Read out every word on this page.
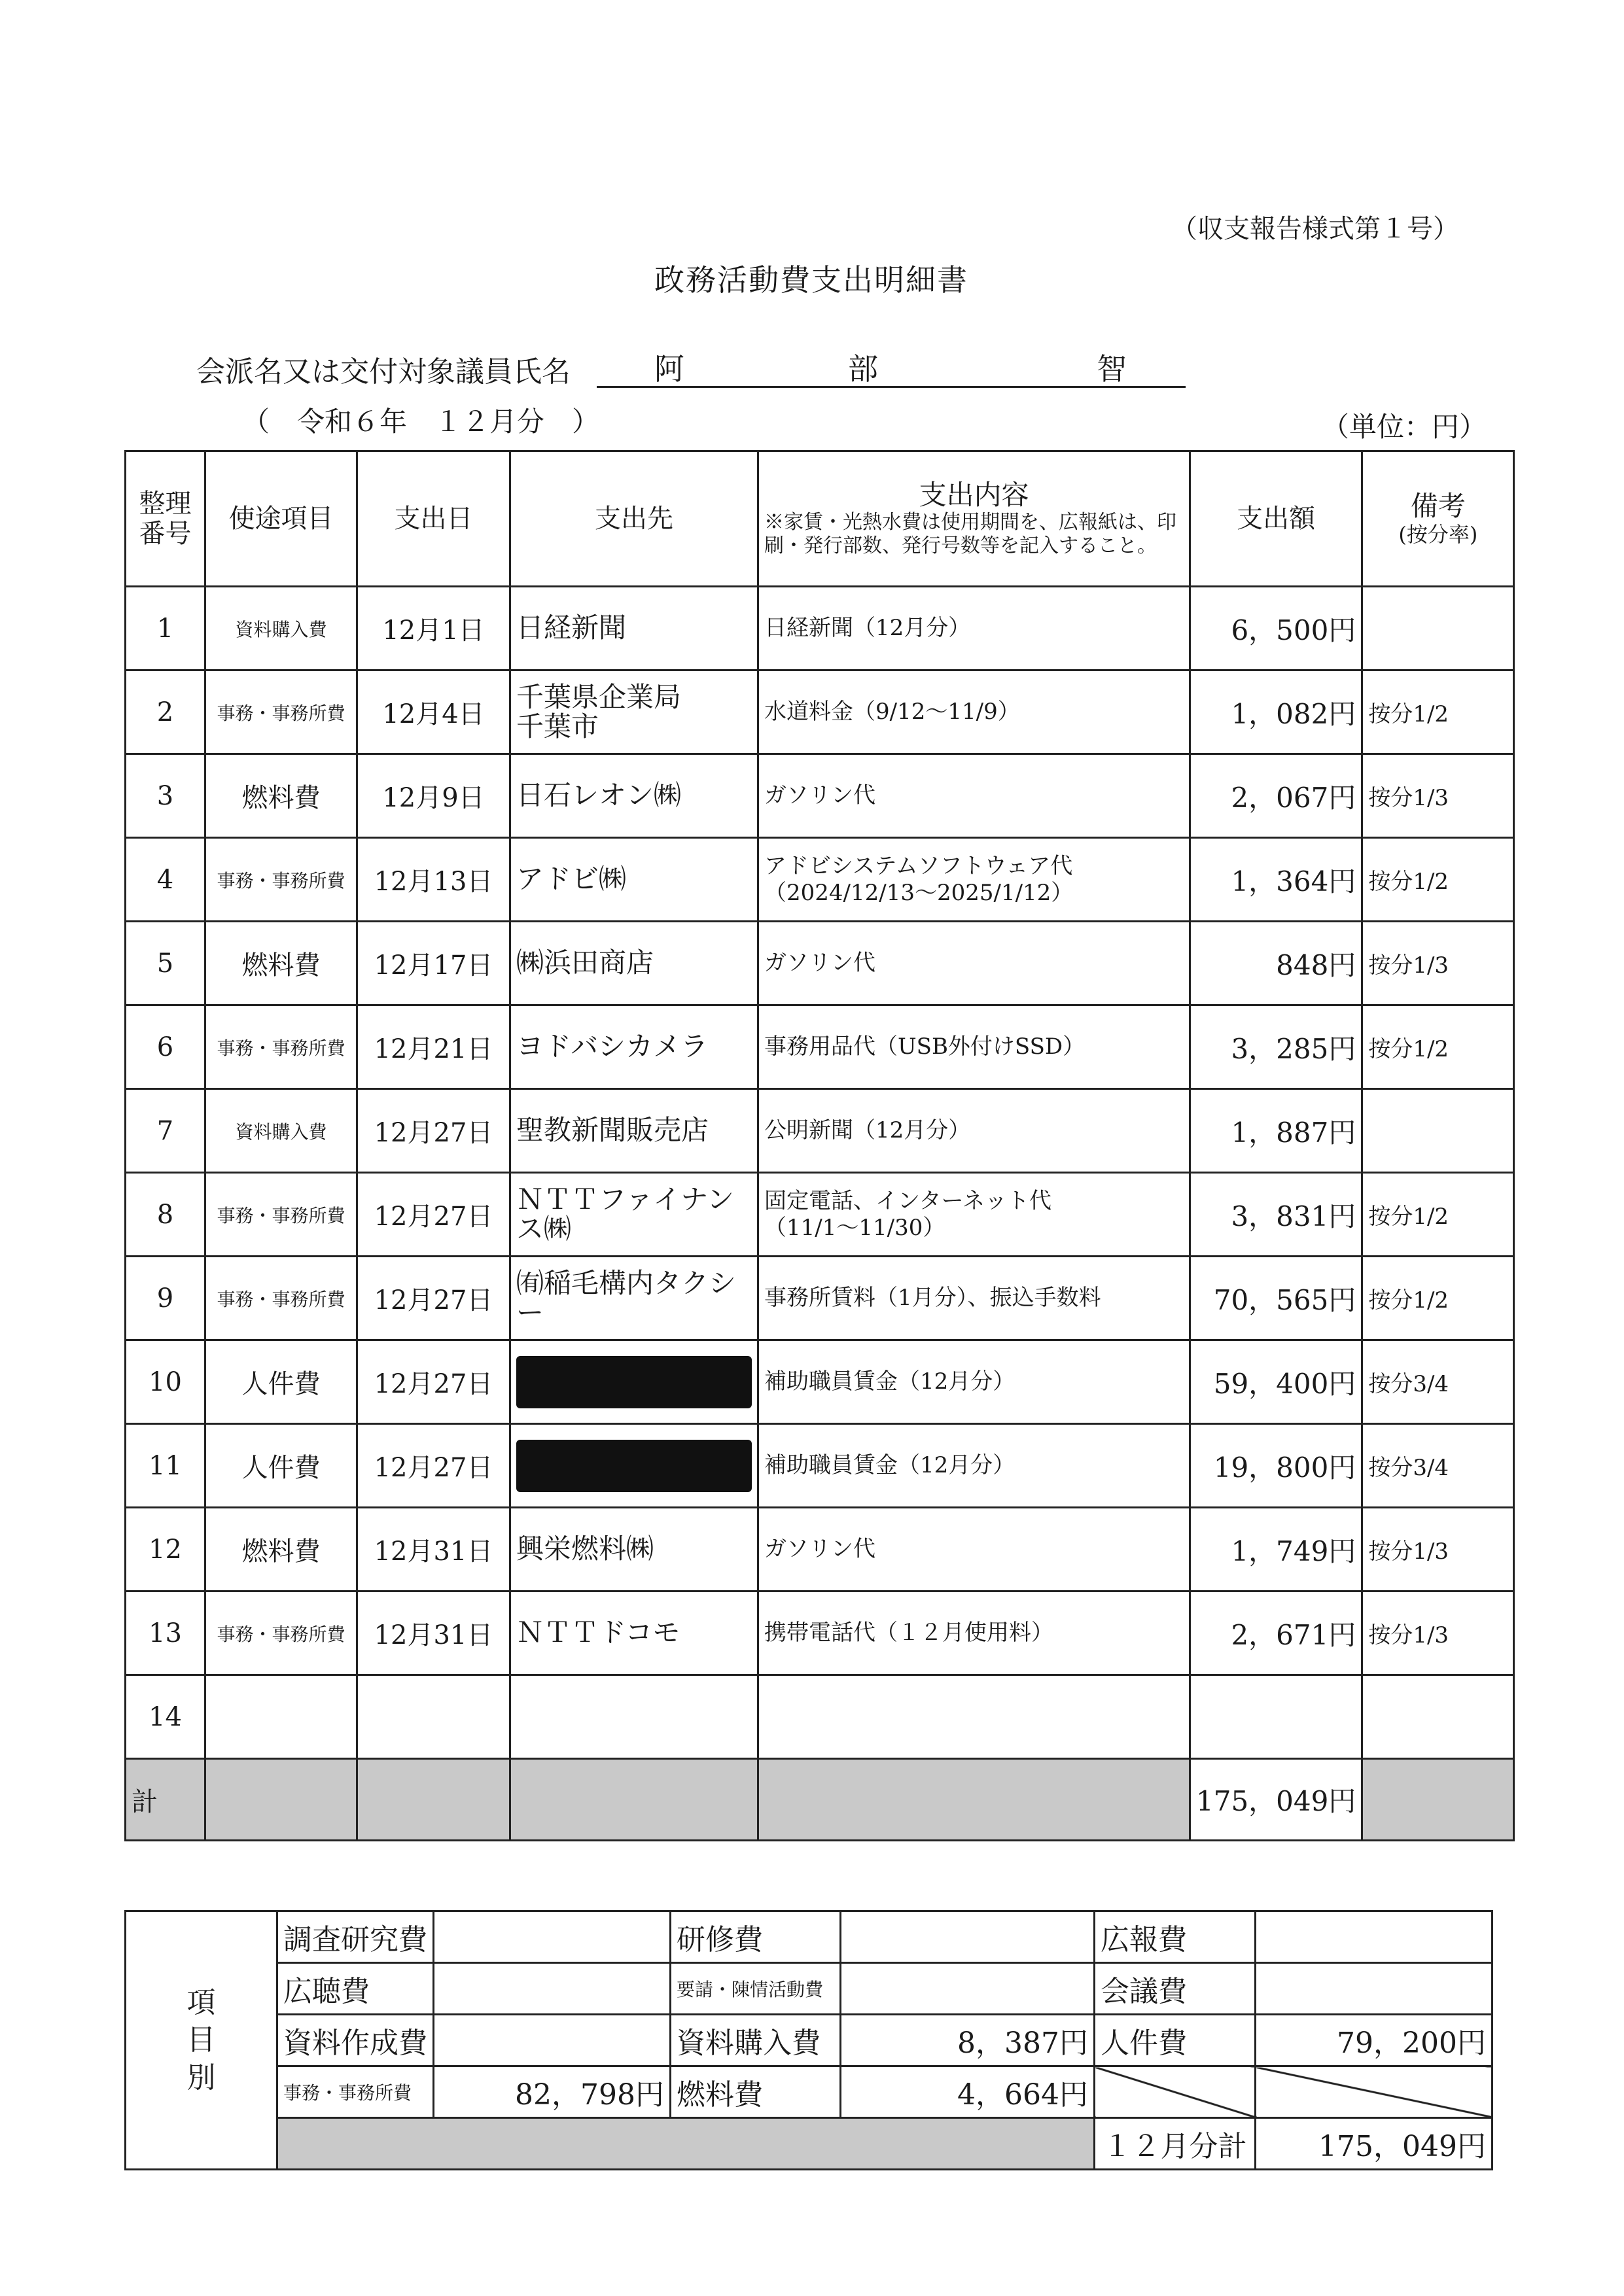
（収支報告様式第１号）
政務活動費支出明細書
会派名又は交付対象議員氏名	阿	部	智
（　令和６年　１２月分　）	（単位：円）
整理
番号	使途項目	支出日	支出先	支出内容
※家賃・光熱水費は使用期間を、広報紙は、印刷・発行部数、発行号数等を記入すること。	支出額	備考
(按分率)

1	資料購入費	12月1日	日経新聞	日経新聞（12月分）	6，500円	
2	事務・事務所費	12月4日	千葉県企業局
千葉市	水道料金（9/12～11/9）	1，082円	按分1/2
3	燃料費	12月9日	日石レオン㈱	ガソリン代	2，067円	按分1/3
4	事務・事務所費	12月13日	アドビ㈱	アドビシステムソフトウェア代
（2024/12/13～2025/1/12）	1，364円	按分1/2
5	燃料費	12月17日	㈱浜田商店	ガソリン代	848円	按分1/3
6	事務・事務所費	12月21日	ヨドバシカメラ	事務用品代（USB外付けSSD）	3，285円	按分1/2
7	資料購入費	12月27日	聖教新聞販売店	公明新聞（12月分）	1，887円	
8	事務・事務所費	12月27日	ＮＴＴファイナンス㈱	固定電話、インターネット代
（11/1～11/30）	3，831円	按分1/2
9	事務・事務所費	12月27日	㈲稲毛構内タクシー	事務所賃料（1月分）、振込手数料	70，565円	按分1/2
10	人件費	12月27日		補助職員賃金（12月分）	59，400円	按分3/4
11	人件費	12月27日		補助職員賃金（12月分）	19，800円	按分3/4
12	燃料費	12月31日	興栄燃料㈱	ガソリン代	1，749円	按分1/3
13	事務・事務所費	12月31日	ＮＴＴドコモ	携帯電話代（１２月使用料）	2，671円	按分1/3
14						
計					175，049円	
項
目
別	調査研究費		研修費		広報費	
	広聴費		要請・陳情活動費		会議費	
	資料作成費		資料購入費	8，387円	人件費	79，200円
	事務・事務所費	82，798円	燃料費	4，664円		
					１２月分計	175，049円
